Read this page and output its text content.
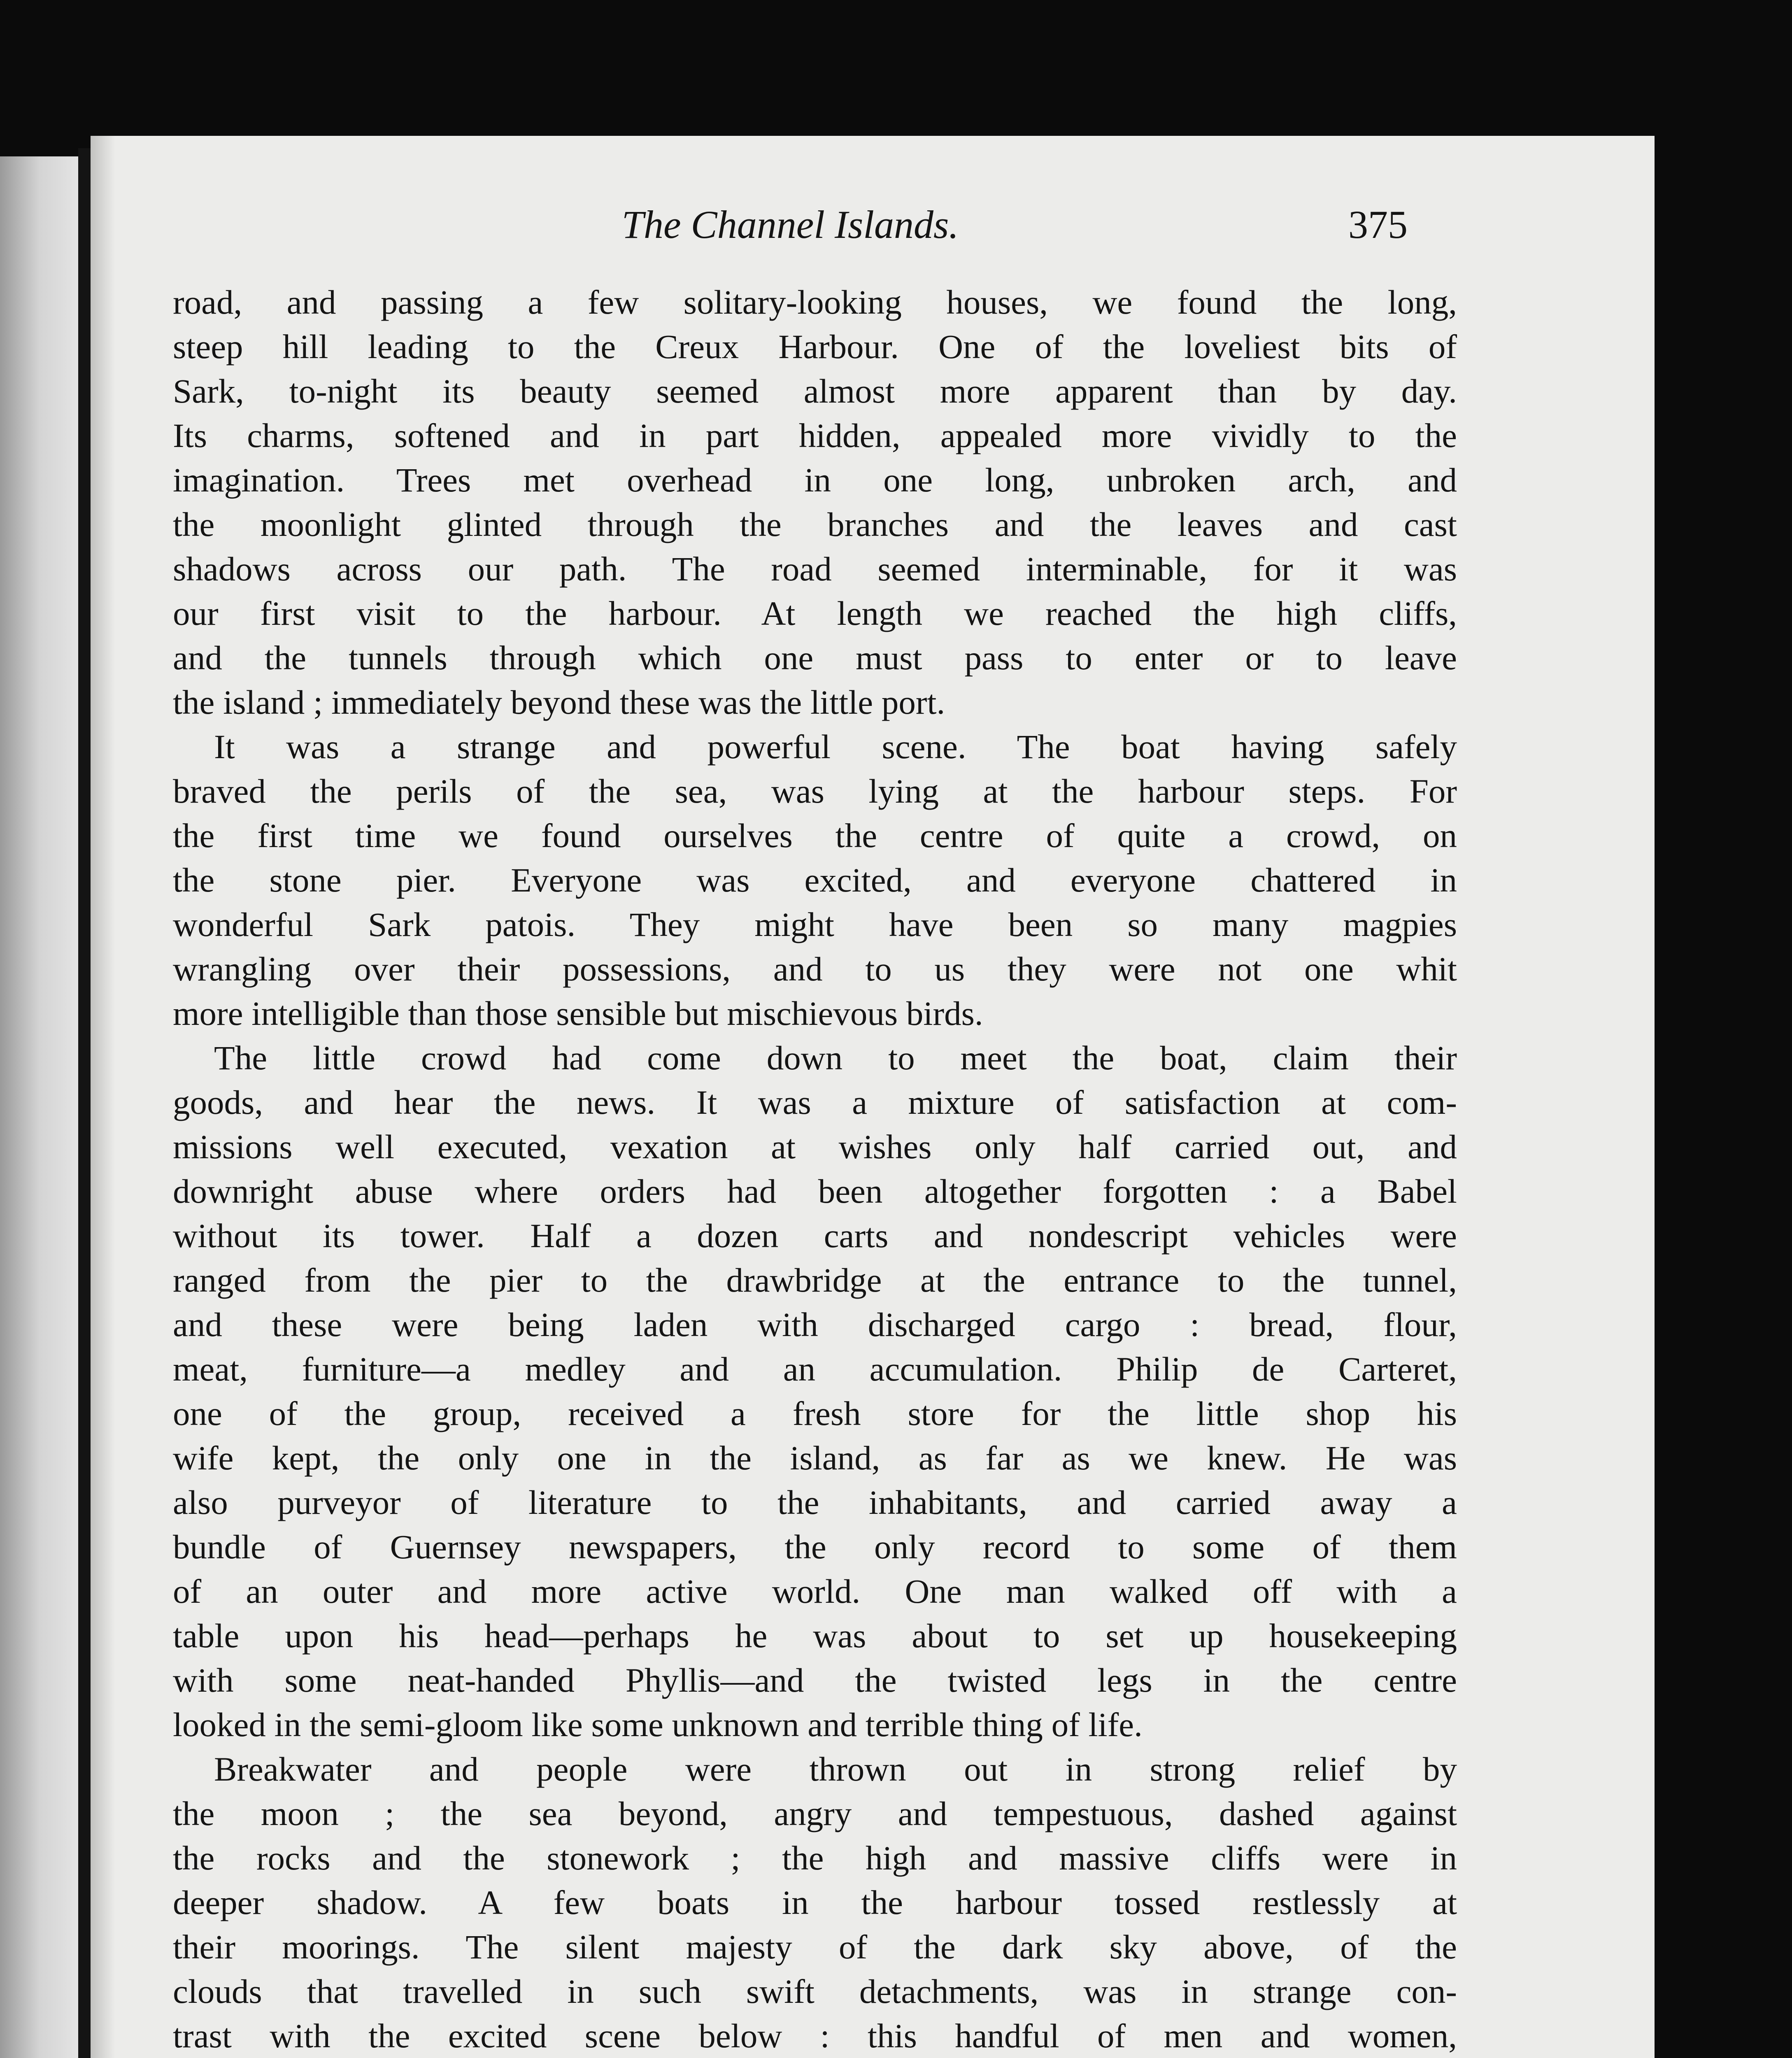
The Channel Islands.	375
road, and passing a few solitary-looking houses, we found the long,
steep hill leading to the Creux Harbour. One of the loveliest bits of
Sark, to-night its beauty seemed almost more apparent than by day.
Its charms, softened and in part hidden, appealed more vividly to the
imagination. Trees met overhead in one long, unbroken arch, and
the moonlight glinted through the branches and the leaves and cast
shadows across our path. The road seemed interminable, for it was
our first visit to the harbour. At length we reached the high cliffs,
and the tunnels through which one must pass to enter or to leave
the island ; immediately beyond these was the little port.
It was a strange and powerful scene. The boat having safely
braved the perils of the sea, was lying at the harbour steps. For
the first time we found ourselves the centre of quite a crowd, on
the stone pier. Everyone was excited, and everyone chattered in
wonderful Sark patois. They might have been so many magpies
wrangling over their possessions, and to us they were not one whit
more intelligible than those sensible but mischievous birds.
The little crowd had come down to meet the boat, claim their
goods, and hear the news. It was a mixture of satisfaction at com-
missions well executed, vexation at wishes only half carried out, and
downright abuse where orders had been altogether forgotten : a Babel
without its tower. Half a dozen carts and nondescript vehicles were
ranged from the pier to the drawbridge at the entrance to the tunnel,
and these were being laden with discharged cargo : bread, flour,
meat, furniture—a medley and an accumulation. Philip de Carteret,
one of the group, received a fresh store for the little shop his
wife kept, the only one in the island, as far as we knew. He was
also purveyor of literature to the inhabitants, and carried away a
bundle of Guernsey newspapers, the only record to some of them
of an outer and more active world. One man walked off with a
table upon his head—perhaps he was about to set up housekeeping
with some neat-handed Phyllis—and the twisted legs in the centre
looked in the semi-gloom like some unknown and terrible thing of life.
Breakwater and people were thrown out in strong relief by
the moon ; the sea beyond, angry and tempestuous, dashed against
the rocks and the stonework ; the high and massive cliffs were in
deeper shadow. A few boats in the harbour tossed restlessly at
their moorings. The silent majesty of the dark sky above, of the
clouds that travelled in such swift detachments, was in strange con-
trast with the excited scene below : this handful of men and women,
